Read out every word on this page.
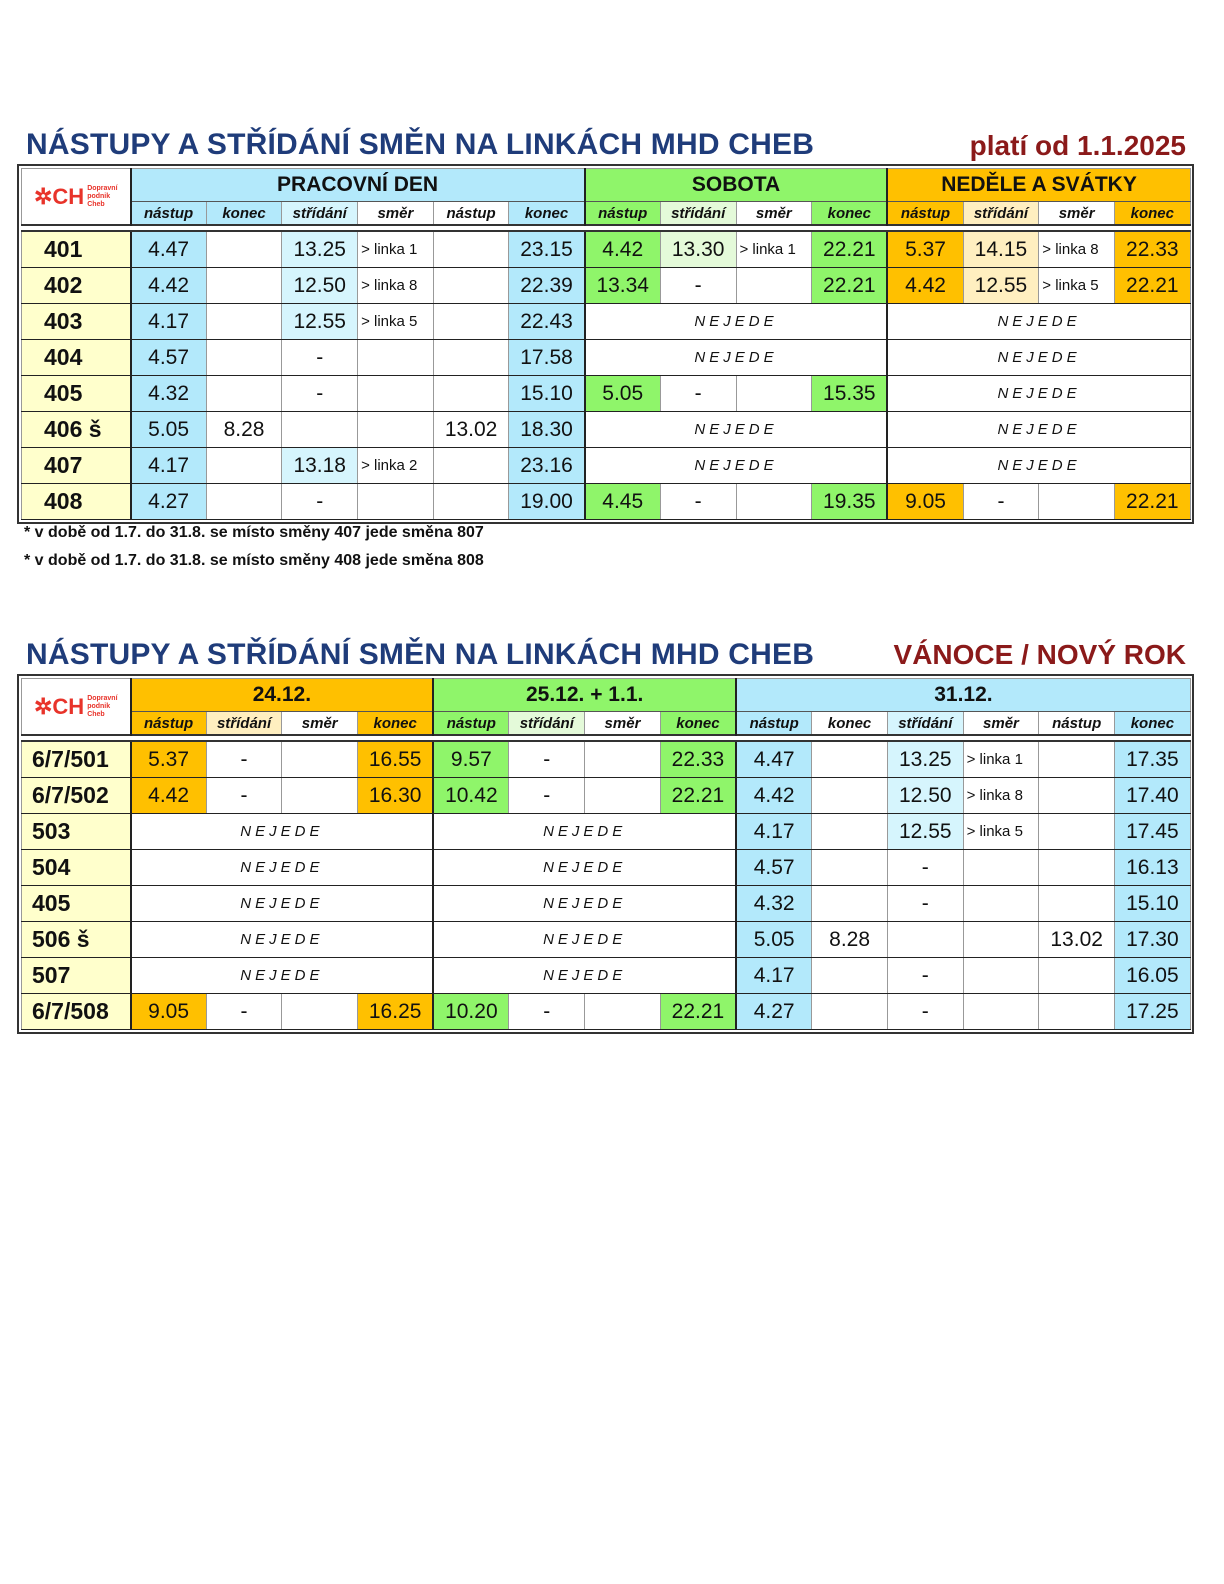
NÁSTUPY A STŘÍDÁNÍ SMĚN NA LINKÁCH MHD CHEB	platí od 1.1.2025
✲CH Dopravní
podnik
Cheb	PRACOVNÍ DEN						SOBOTA				NEDĚLE A SVÁTKY			
	nástup	konec	střídání	směr	nástup	konec	nástup	střídání	směr	konec	nástup	střídání	směr	konec

401	4.47		13.25	> linka 1		23.15	4.42	13.30	> linka 1	22.21	5.37	14.15	> linka 8	22.33
402	4.42		12.50	> linka 8		22.39	13.34	-		22.21	4.42	12.55	> linka 5	22.21
403	4.17		12.55	> linka 5		22.43	NEJEDE				NEJEDE			
404	4.57		-			17.58	NEJEDE				NEJEDE			
405	4.32		-			15.10	5.05	-		15.35	NEJEDE			
406 š	5.05	8.28			13.02	18.30	NEJEDE				NEJEDE			
407	4.17		13.18	> linka 2		23.16	NEJEDE				NEJEDE			
408	4.27		-			19.00	4.45	-		19.35	9.05	-		22.21
* v době od 1.7. do 31.8. se místo směny 407 jede směna 807
* v době od 1.7. do 31.8. se místo směny 408 jede směna 808
NÁSTUPY A STŘÍDÁNÍ SMĚN NA LINKÁCH MHD CHEB	VÁNOCE / NOVÝ ROK
✲CH Dopravní
podnik
Cheb	24.12.				25.12. + 1.1.				31.12.					
	nástup	střídání	směr	konec	nástup	střídání	směr	konec	nástup	konec	střídání	směr	nástup	konec

6/7/501	5.37	-		16.55	9.57	-		22.33	4.47		13.25	> linka 1		17.35
6/7/502	4.42	-		16.30	10.42	-		22.21	4.42		12.50	> linka 8		17.40
503	NEJEDE				NEJEDE				4.17		12.55	> linka 5		17.45
504	NEJEDE				NEJEDE				4.57		-			16.13
405	NEJEDE				NEJEDE				4.32		-			15.10
506 š	NEJEDE				NEJEDE				5.05	8.28			13.02	17.30
507	NEJEDE				NEJEDE				4.17		-			16.05
6/7/508	9.05	-		16.25	10.20	-		22.21	4.27		-			17.25
